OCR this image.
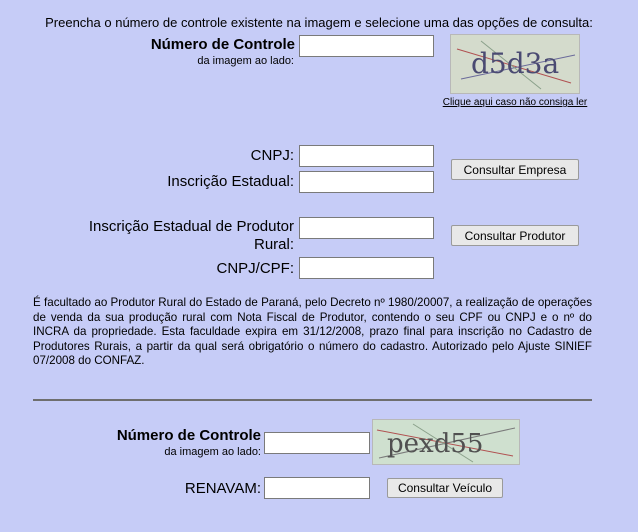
Preencha o número de controle existente na imagem e selecione uma das opções de consulta:
Número de Controle
da imagem ao lado:	d5d3a
Clique aqui caso não consiga ler
CNPJ:
Inscrição Estadual:
Consultar Empresa
Inscrição Estadual de Produtor
Rural:
Consultar Produtor
CNPJ/CPF:
É facultado ao Produtor Rural do Estado de Paraná, pelo Decreto nº 1980/20007, a realização de operações de venda da sua produção rural com Nota Fiscal de Produtor, contendo o seu CPF ou CNPJ e o nº do INCRA da propriedade. Esta faculdade expira em 31/12/2008, prazo final para inscrição no Cadastro de Produtores Rurais, a partir da qual será obrigatório o número do cadastro. Autorizado pelo Ajuste SINIEF 07/2008 do CONFAZ.
Número de Controle
da imagem ao lado:	pexd55
RENAVAM:	Consultar Veículo
